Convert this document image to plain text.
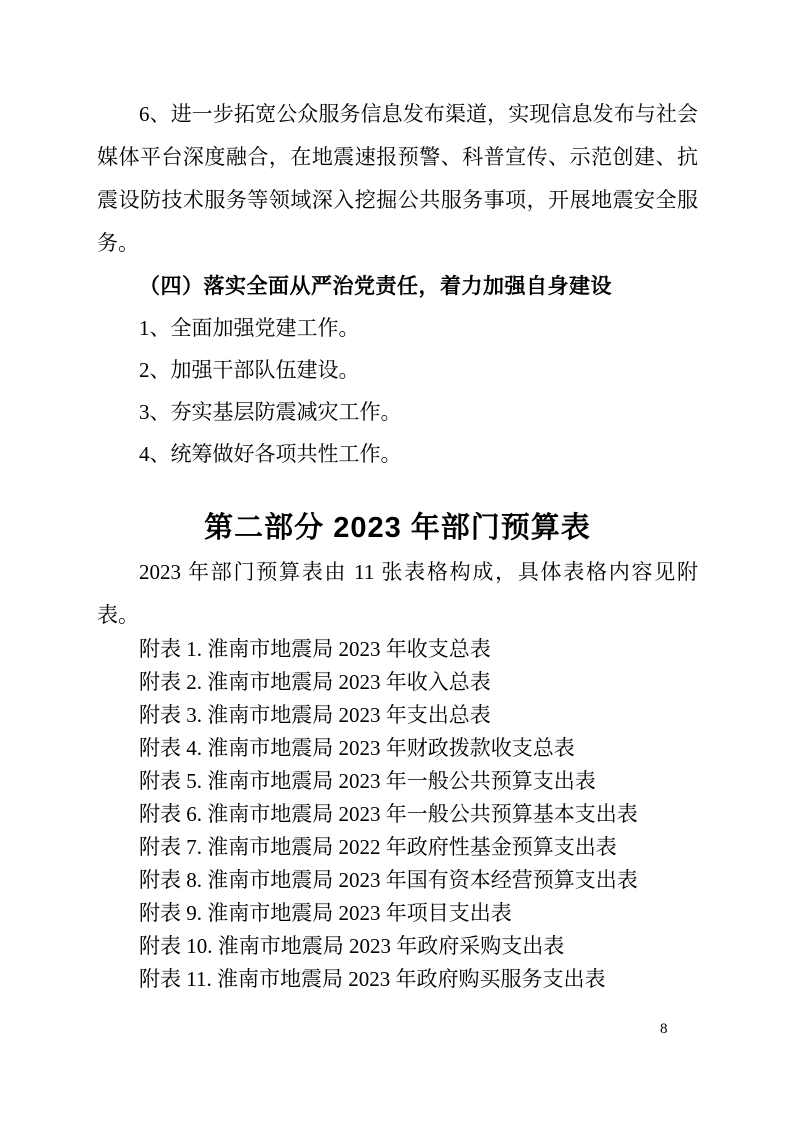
6、进一步拓宽公众服务信息发布渠道，实现信息发布与社会媒体平台深度融合，在地震速报预警、科普宣传、示范创建、抗震设防技术服务等领域深入挖掘公共服务事项，开展地震安全服务。

（四）落实全面从严治党责任，着力加强自身建设

1、全面加强党建工作。

2、加强干部队伍建设。

3、夯实基层防震减灾工作。

4、统筹做好各项共性工作。

第二部分 2023 年部门预算表

2023 年部门预算表由 11 张表格构成，具体表格内容见附表。

附表 1. 淮南市地震局 2023 年收支总表

附表 2. 淮南市地震局 2023 年收入总表

附表 3. 淮南市地震局 2023 年支出总表

附表 4. 淮南市地震局 2023 年财政拨款收支总表

附表 5. 淮南市地震局 2023 年一般公共预算支出表

附表 6. 淮南市地震局 2023 年一般公共预算基本支出表

附表 7. 淮南市地震局 2022 年政府性基金预算支出表

附表 8. 淮南市地震局 2023 年国有资本经营预算支出表

附表 9. 淮南市地震局 2023 年项目支出表

附表 10. 淮南市地震局 2023 年政府采购支出表

附表 11. 淮南市地震局 2023 年政府购买服务支出表

8
